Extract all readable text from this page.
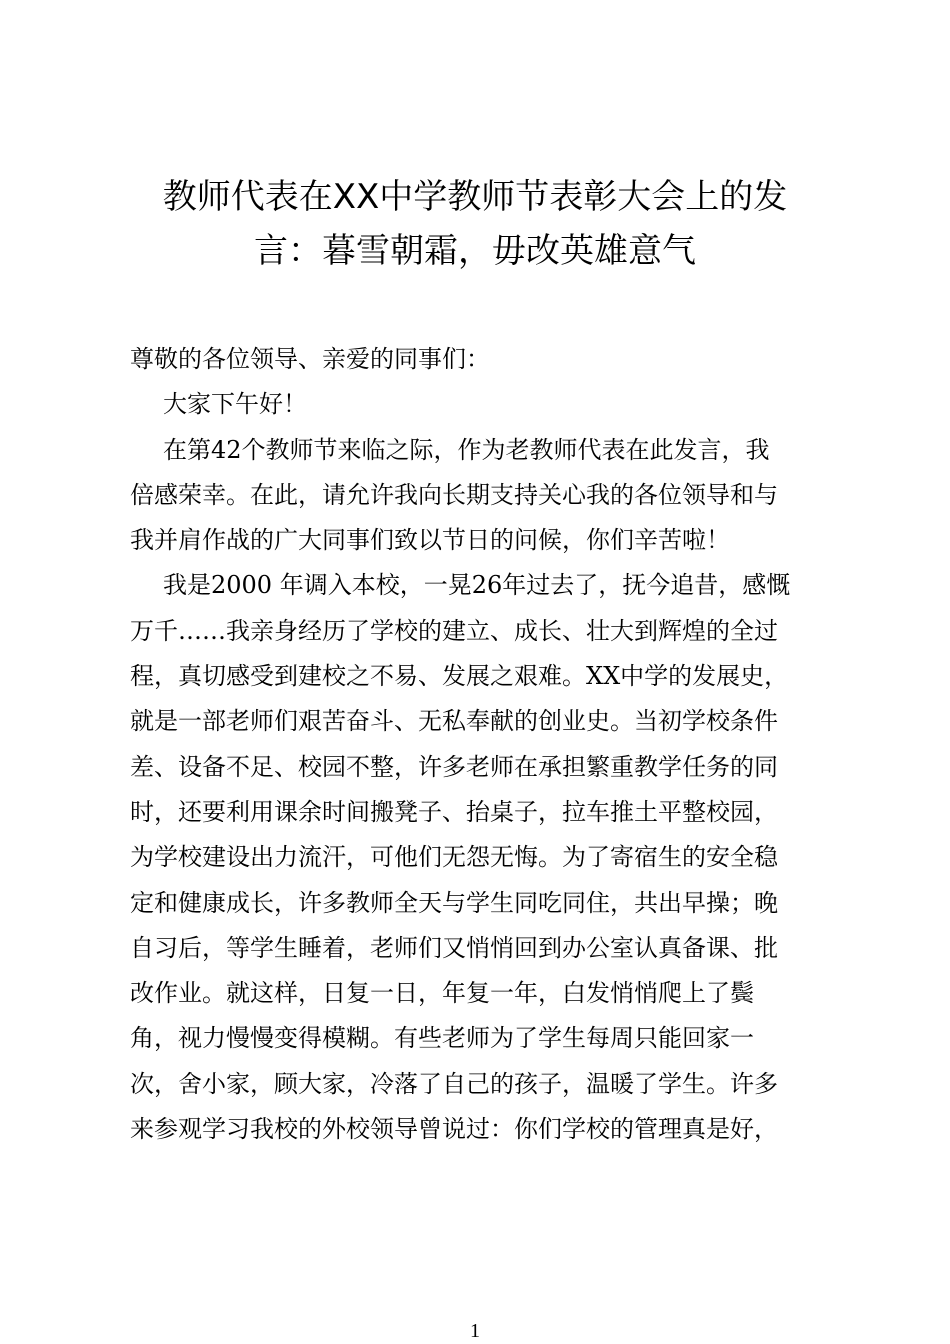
教师代表在XX中学教师节表彰大会上的发
言：暮雪朝霜，毋改英雄意气

尊敬的各位领导、亲爱的同事们：

大家下午好！

在第42个教师节来临之际，作为老教师代表在此发言，我

倍感荣幸。在此，请允许我向长期支持关心我的各位领导和与

我并肩作战的广大同事们致以节日的问候，你们辛苦啦！

我是2000 年调入本校，一晃26年过去了，抚今追昔，感慨

万千……我亲身经历了学校的建立、成长、壮大到辉煌的全过

程，真切感受到建校之不易、发展之艰难。XX中学的发展史，

就是一部老师们艰苦奋斗、无私奉献的创业史。当初学校条件

差、设备不足、校园不整，许多老师在承担繁重教学任务的同

时，还要利用课余时间搬凳子、抬桌子，拉车推土平整校园，

为学校建设出力流汗，可他们无怨无悔。为了寄宿生的安全稳

定和健康成长，许多教师全天与学生同吃同住，共出早操；晚

自习后，等学生睡着，老师们又悄悄回到办公室认真备课、批

改作业。就这样，日复一日，年复一年，白发悄悄爬上了鬓

角，视力慢慢变得模糊。有些老师为了学生每周只能回家一

次，舍小家，顾大家，冷落了自己的孩子，温暖了学生。许多

来参观学习我校的外校领导曾说过：你们学校的管理真是好，

1
